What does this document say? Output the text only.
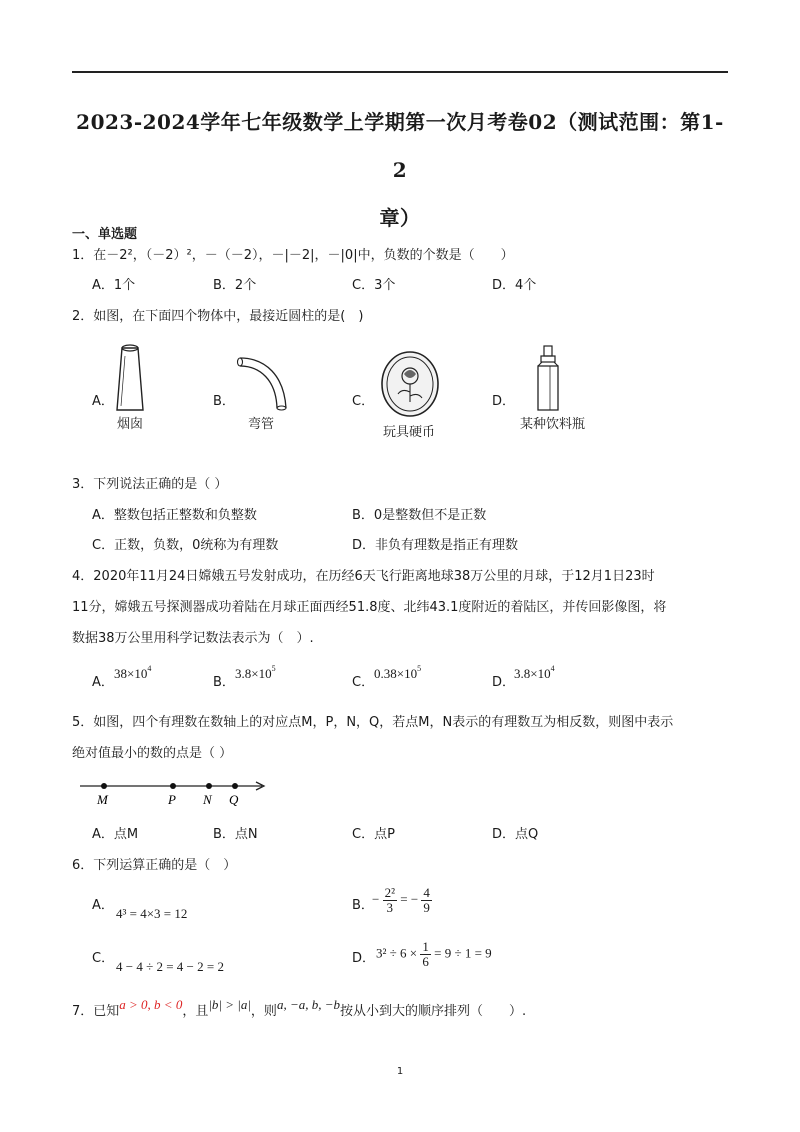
2023-2024学年七年级数学上学期第一次月考卷02（测试范围：第1-2
章）
一、单选题
1．在－2²，（－2）²，－（－2），－|－2|，－|0|中，负数的个数是（　　）
A．1个	B．2个	C．3个	D．4个
2．如图，在下面四个物体中，最接近圆柱的是(　)
A．
烟囱
B．
弯管
C．
玩具硬币
D．
某种饮料瓶
3．下列说法正确的是（ ）
A．整数包括正整数和负整数	B．0是整数但不是正数
C．正数，负数，0统称为有理数	D．非负有理数是指正有理数
4．2020年11月24日嫦娥五号发射成功，在历经6天飞行距离地球38万公里的月球，于12月1日23时
11分，嫦娥五号探测器成功着陆在月球正面西经51.8度、北纬43.1度附近的着陆区，并传回影像图，将
数据38万公里用科学记数法表示为（　）.
A．
$38\times 10^4$
B．
$3.8\times 10^5$
C．
$0.38\times 10^5$
D．
$3.8\times 10^4$
5．如图，四个有理数在数轴上的对应点M，P，N，Q，若点M，N表示的有理数互为相反数，则图中表示
绝对值最小的数的点是（ ）
M	P N Q
A．点M	B．点N	C．点P	D．点Q
6．下列运算正确的是（　）
A．
4³ = 4×3 = 12
B．
− $\frac{\text{2²}}{3}$ = − $\frac{4}{9}$
C．
4 − 4 ÷ 2 = 4 − 2 = 2
D． $3^2 \div 6 \times \frac{1}{6} = 9 \div 1 = 9$
7．已知a > 0, b < 0，且|b| > |a|，则a, −a, b, −b按从小到大的顺序排列（　　）.
1
